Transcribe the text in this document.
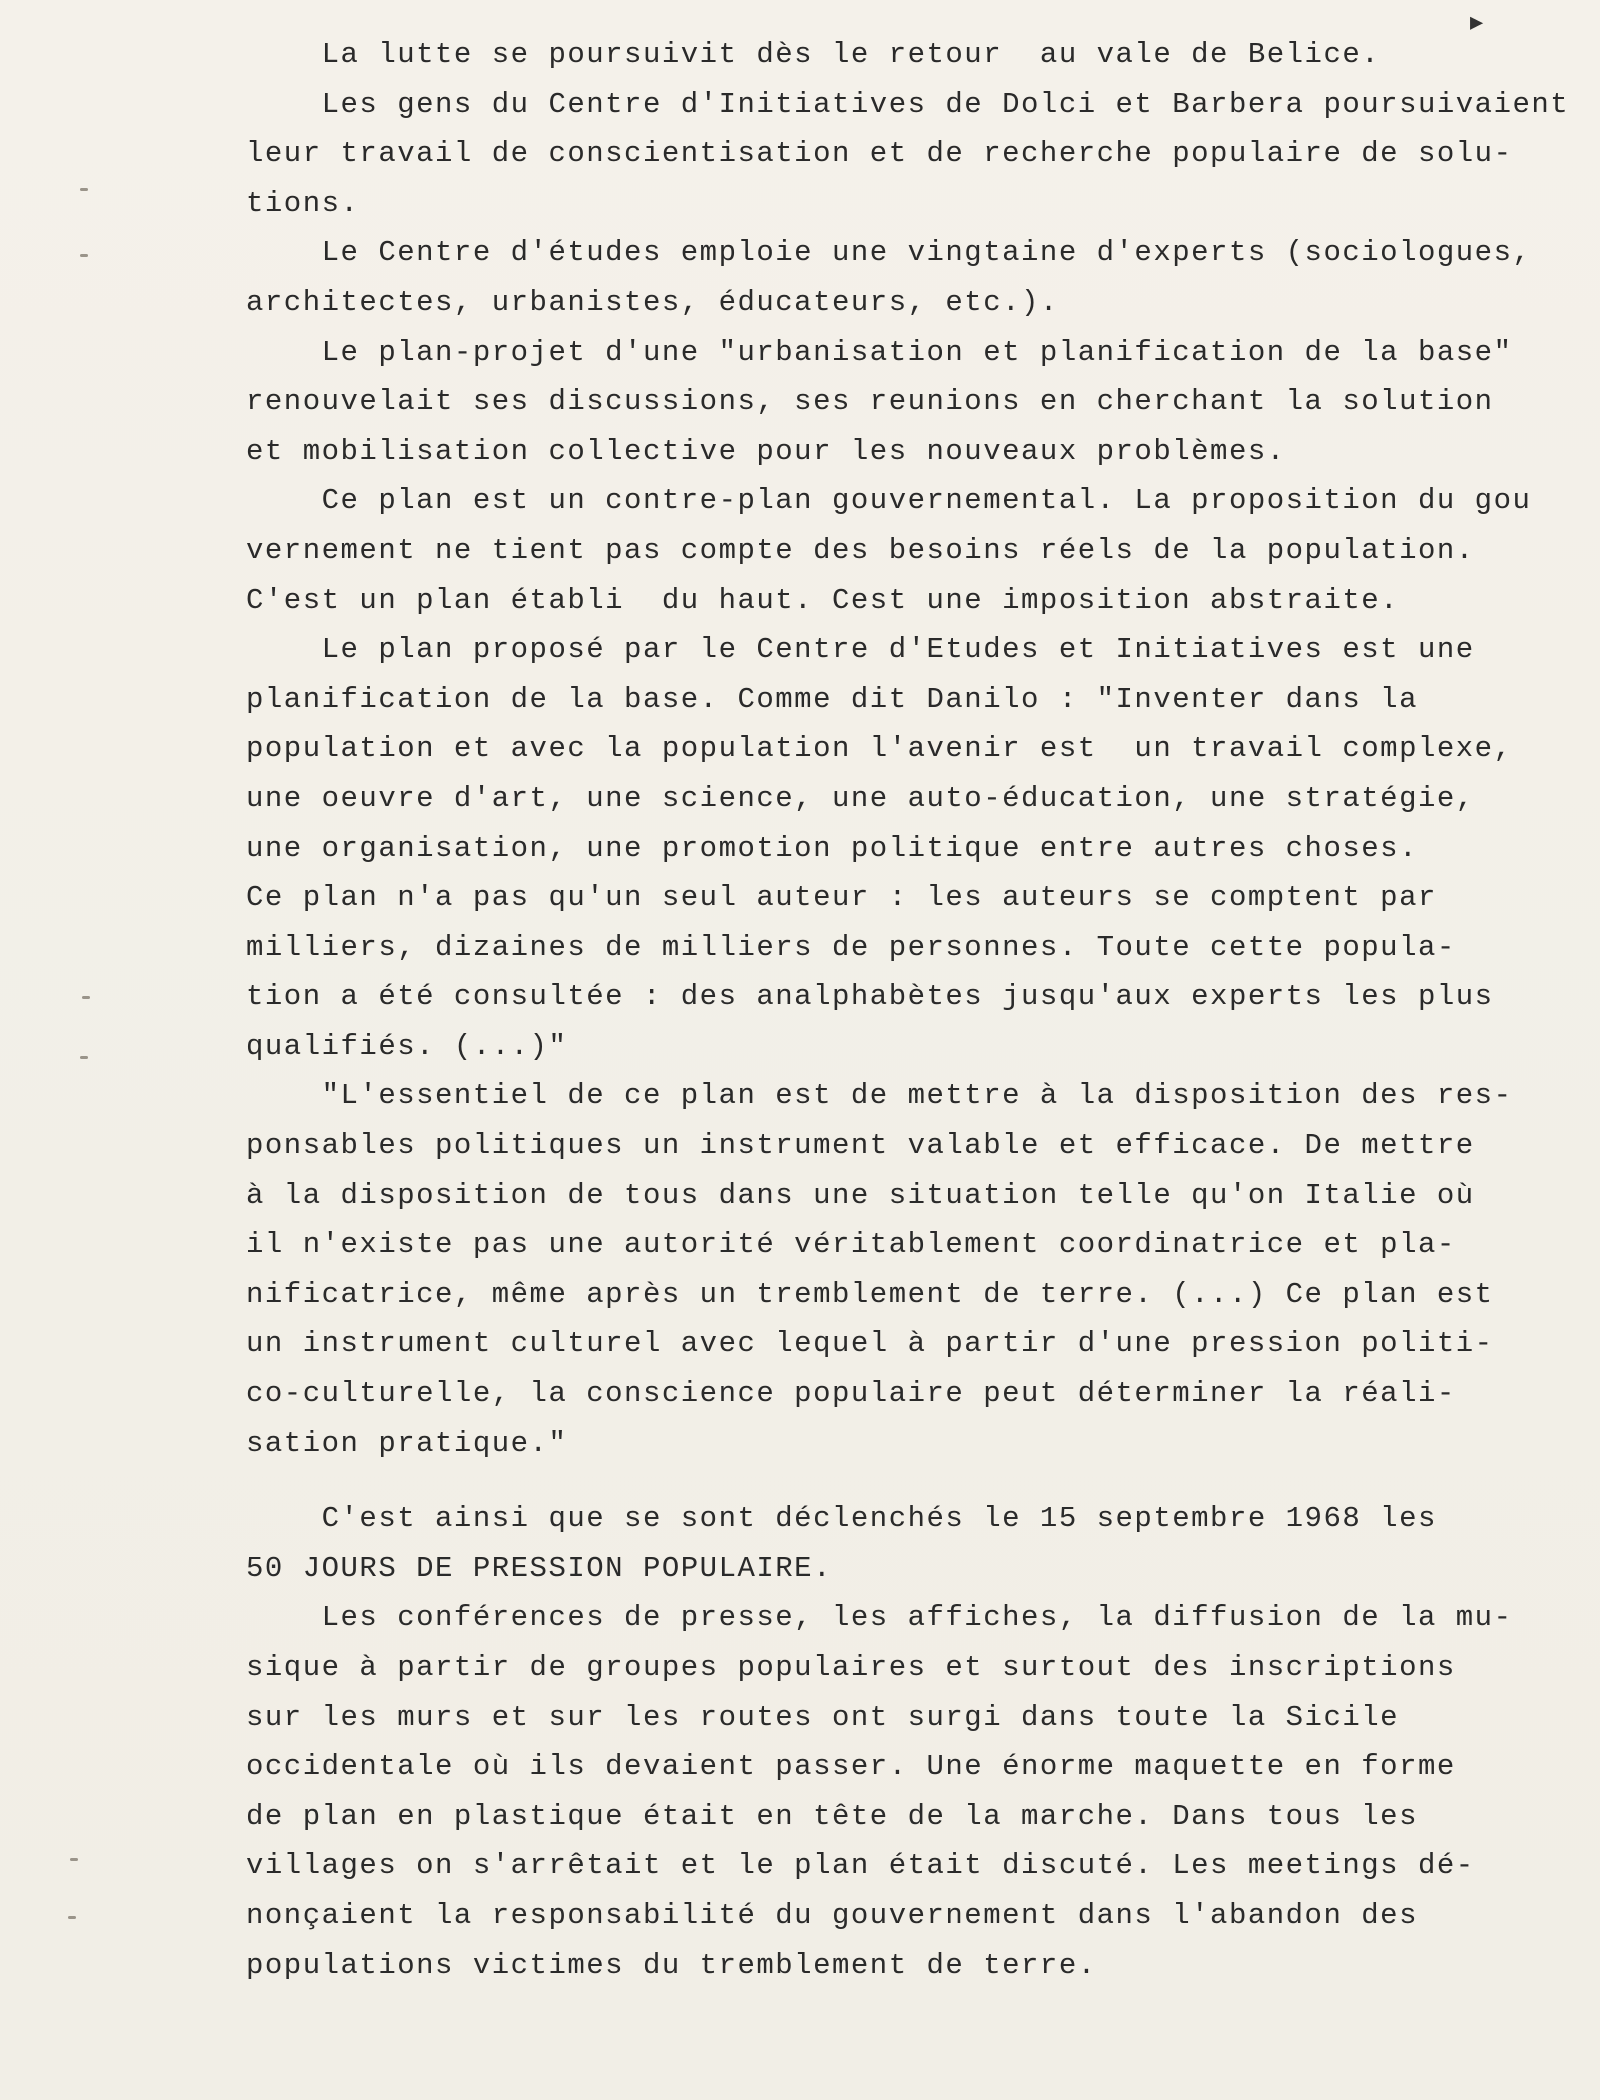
▶
La lutte se poursuivit dès le retour  au vale de Belice.
Les gens du Centre d'Initiatives de Dolci et Barbera poursuivaient
leur travail de conscientisation et de recherche populaire de solu-
tions.
Le Centre d'études emploie une vingtaine d'experts (sociologues,
architectes, urbanistes, éducateurs, etc.).
Le plan-projet d'une "urbanisation et planification de la base"
renouvelait ses discussions, ses reunions en cherchant la solution
et mobilisation collective pour les nouveaux problèmes.
Ce plan est un contre-plan gouvernemental. La proposition du gou
vernement ne tient pas compte des besoins réels de la population.
C'est un plan établi  du haut. Cest une imposition abstraite.
Le plan proposé par le Centre d'Etudes et Initiatives est une
planification de la base. Comme dit Danilo : "Inventer dans la
population et avec la population l'avenir est  un travail complexe,
une oeuvre d'art, une science, une auto-éducation, une stratégie,
une organisation, une promotion politique entre autres choses.
Ce plan n'a pas qu'un seul auteur : les auteurs se comptent par
milliers, dizaines de milliers de personnes. Toute cette popula-
tion a été consultée : des analphabètes jusqu'aux experts les plus
qualifiés. (...)"
"L'essentiel de ce plan est de mettre à la disposition des res-
ponsables politiques un instrument valable et efficace. De mettre
à la disposition de tous dans une situation telle qu'on Italie où
il n'existe pas une autorité véritablement coordinatrice et pla-
nificatrice, même après un tremblement de terre. (...) Ce plan est
un instrument culturel avec lequel à partir d'une pression politi-
co-culturelle, la conscience populaire peut déterminer la réali-
sation pratique."
C'est ainsi que se sont déclenchés le 15 septembre 1968 les
50 JOURS DE PRESSION POPULAIRE.
Les conférences de presse, les affiches, la diffusion de la mu-
sique à partir de groupes populaires et surtout des inscriptions
sur les murs et sur les routes ont surgi dans toute la Sicile
occidentale où ils devaient passer. Une énorme maquette en forme
de plan en plastique était en tête de la marche. Dans tous les
villages on s'arrêtait et le plan était discuté. Les meetings dé-
nonçaient la responsabilité du gouvernement dans l'abandon des
populations victimes du tremblement de terre.
